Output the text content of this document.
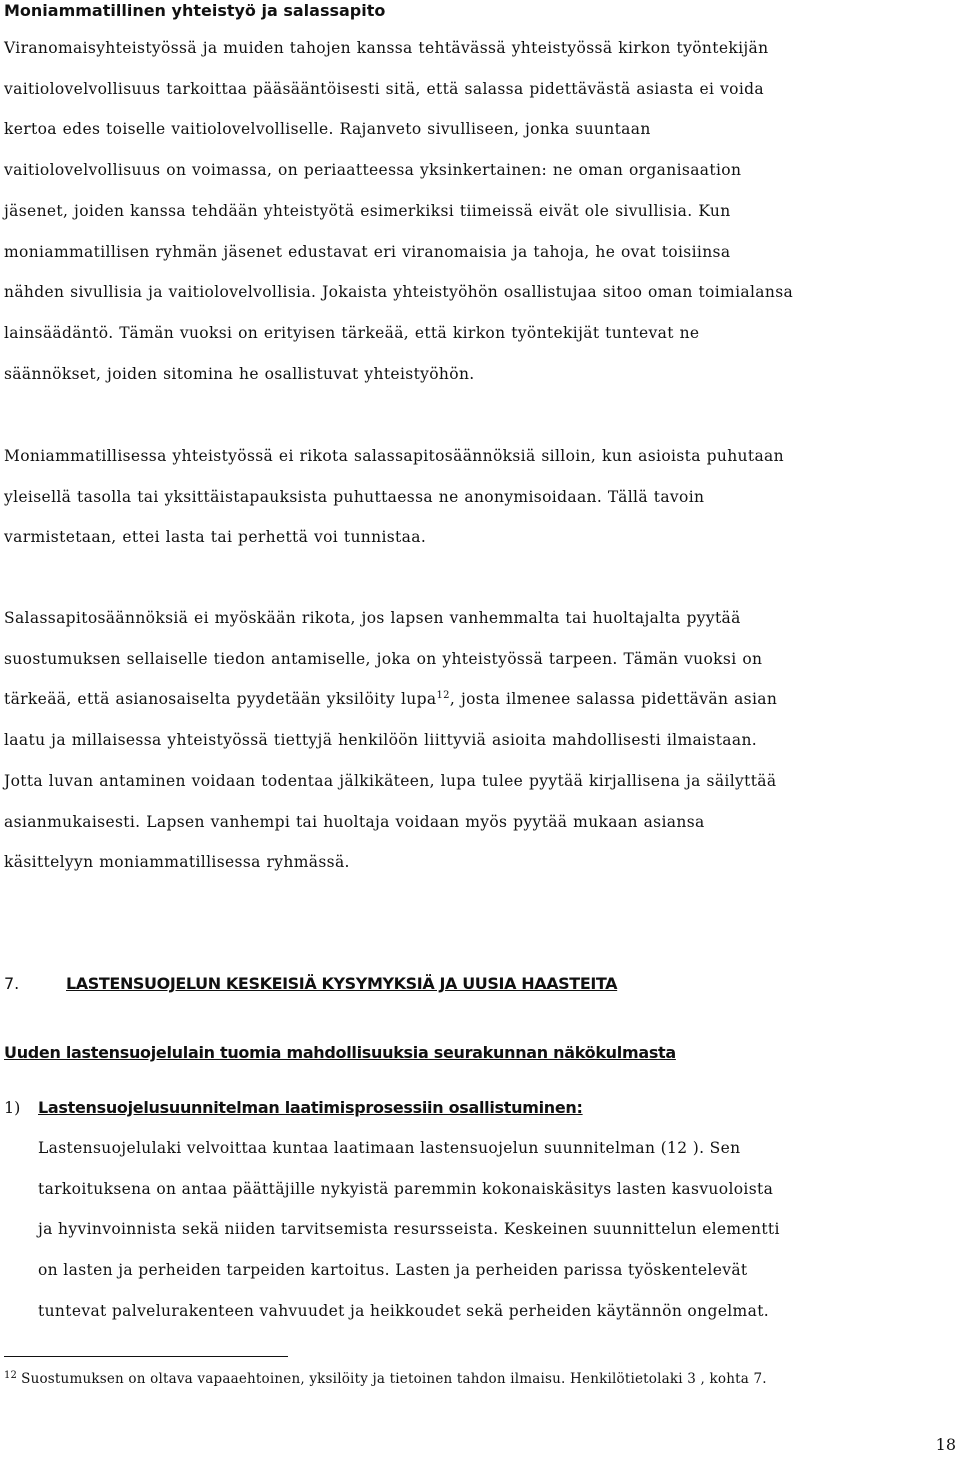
Moniammatillinen yhteistyö ja salassapito
Viranomaisyhteistyössä ja muiden tahojen kanssa tehtävässä yhteistyössä kirkon työntekijän
vaitiolovelvollisuus tarkoittaa pääsääntöisesti sitä, että salassa pidettävästä asiasta ei voida
kertoa edes toiselle vaitiolovelvolliselle. Rajanveto sivulliseen, jonka suuntaan
vaitiolovelvollisuus on voimassa, on periaatteessa yksinkertainen: ne oman organisaation
jäsenet, joiden kanssa tehdään yhteistyötä esimerkiksi tiimeissä eivät ole sivullisia. Kun
moniammatillisen ryhmän jäsenet edustavat eri viranomaisia ja tahoja, he ovat toisiinsa
nähden sivullisia ja vaitiolovelvollisia. Jokaista yhteistyöhön osallistujaa sitoo oman toimialansa
lainsäädäntö. Tämän vuoksi on erityisen tärkeää, että kirkon työntekijät tuntevat ne
säännökset, joiden sitomina he osallistuvat yhteistyöhön.
Moniammatillisessa yhteistyössä ei rikota salassapitosäännöksiä silloin, kun asioista puhutaan
yleisellä tasolla tai yksittäistapauksista puhuttaessa ne anonymisoidaan. Tällä tavoin
varmistetaan, ettei lasta tai perhettä voi tunnistaa.
Salassapitosäännöksiä ei myöskään rikota, jos lapsen vanhemmalta tai huoltajalta pyytää
suostumuksen sellaiselle tiedon antamiselle, joka on yhteistyössä tarpeen. Tämän vuoksi on
tärkeää, että asianosaiselta pyydetään yksilöity lupa$^{12}$, josta ilmenee salassa pidettävän asian
laatu ja millaisessa yhteistyössä tiettyjä henkilöön liittyviä asioita mahdollisesti ilmaistaan.
Jotta luvan antaminen voidaan todentaa jälkikäteen, lupa tulee pyytää kirjallisena ja säilyttää
asianmukaisesti. Lapsen vanhempi tai huoltaja voidaan myös pyytää mukaan asiansa
käsittelyyn moniammatillisessa ryhmässä.
7.	LASTENSUOJELUN KESKEISIÄ KYSYMYKSIÄ JA UUSIA HAASTEITA
Uuden lastensuojelulain tuomia mahdollisuuksia seurakunnan näkökulmasta
1) Lastensuojelusuunnitelman laatimisprosessiin osallistuminen:
Lastensuojelulaki velvoittaa kuntaa laatimaan lastensuojelun suunnitelman (12 ). Sen
tarkoituksena on antaa päättäjille nykyistä paremmin kokonaiskäsitys lasten kasvuoloista
ja hyvinvoinnista sekä niiden tarvitsemista resursseista. Keskeinen suunnittelun elementti
on lasten ja perheiden tarpeiden kartoitus. Lasten ja perheiden parissa työskentelevät
tuntevat palvelurakenteen vahvuudet ja heikkoudet sekä perheiden käytännön ongelmat.
$^{12}$ Suostumuksen on oltava vapaaehtoinen, yksilöity ja tietoinen tahdon ilmaisu. Henkilötietolaki 3 , kohta 7.
18
